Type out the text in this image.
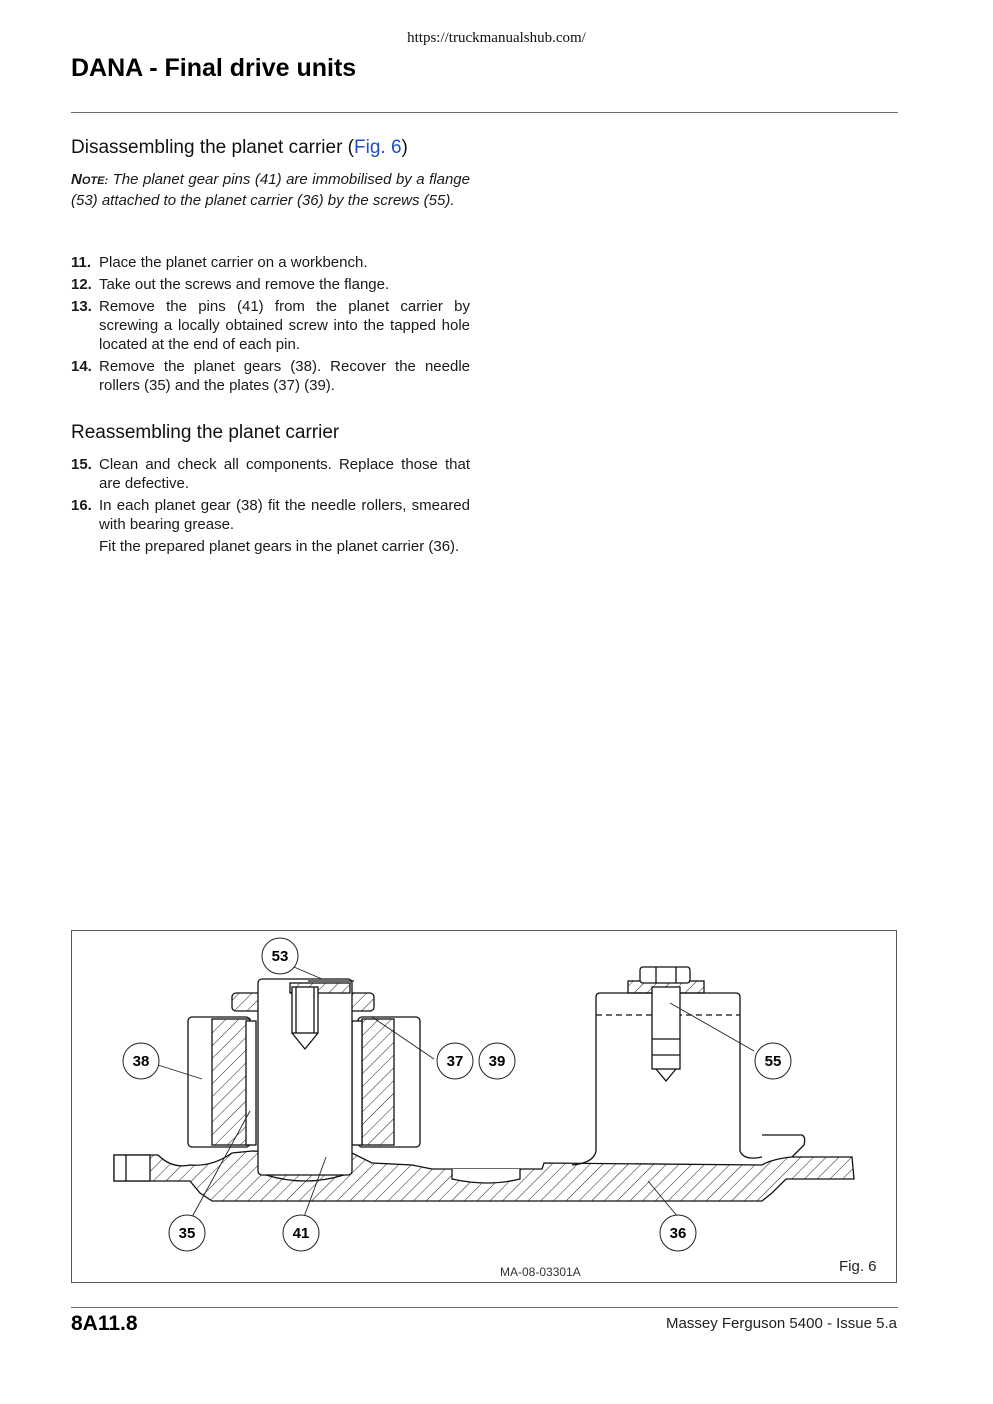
https://truckmanualshub.com/
DANA - Final drive units
Disassembling the planet carrier (Fig. 6)
NOTE: The planet gear pins (41) are immobilised by a flange (53) attached to the planet carrier (36) by the screws (55).
11. Place the planet carrier on a workbench.
12. Take out the screws and remove the flange.
13. Remove the pins (41) from the planet carrier by screwing a locally obtained screw into the tapped hole located at the end of each pin.
14. Remove the planet gears (38). Recover the needle rollers (35) and the plates (37) (39).
Reassembling the planet carrier
15. Clean and check all components. Replace those that are defective.
16. In each planet gear (38) fit the needle rollers, smeared with bearing grease.
Fit the prepared planet gears in the planet carrier (36).
53
38	37 39	55
35	41	36
MA-08-03301A	Fig. 6
8A11.8	Massey Ferguson 5400 - Issue 5.a
